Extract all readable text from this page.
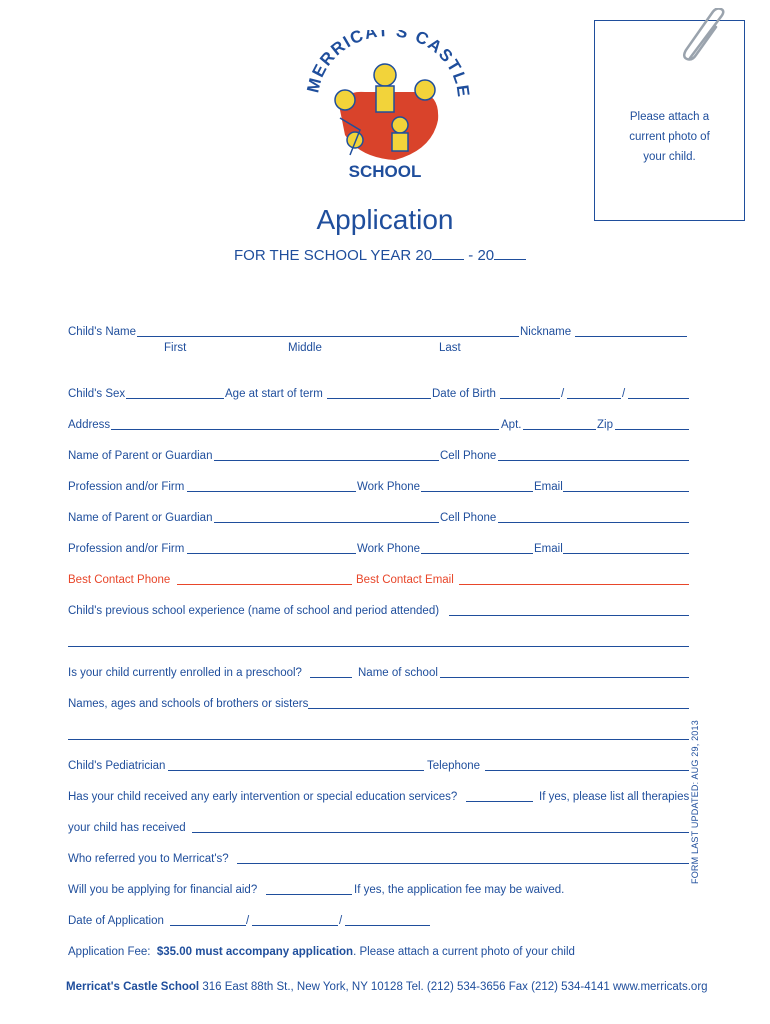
MERRICAT'S CASTL
SCHOOL
Please attach a
current photo of
your child.
Application
FOR THE SCHOOL YEAR 20 - 20
Child's Name	Nickname
First	Middle	Last
Child's Sex	Age at start of term	Date of Birth	/	/
Address	Apt.	Zip
Name of Parent or Guardian	Cell Phone
Profession and/or Firm	Work Phone	Email
Name of Parent or Guardian	Cell Phone
Profession and/or Firm	Work Phone	Email
Best Contact Phone	Best Contact Email
Child's previous school experience (name of school and period attended)
Is your child currently enrolled in a preschool?	Name of school
Names, ages and schools of brothers or sisters
Child's Pediatrician	Telephone
Has your child received any early intervention or special education services?	If yes, please list all therapies
your child has received
Who referred you to Merricat's?
Will you be applying for financial aid?	If yes, the application fee may be waived.
Date of Application	/	/
Application Fee: $35.00 must accompany application. Please attach a current photo of your child
FORM LAST UPDATED: AUG 29, 2013
Merricat's Castle School 316 East 88th St., New York, NY 10128 Tel. (212) 534-3656 Fax (212) 534-4141 www.merricats.org
